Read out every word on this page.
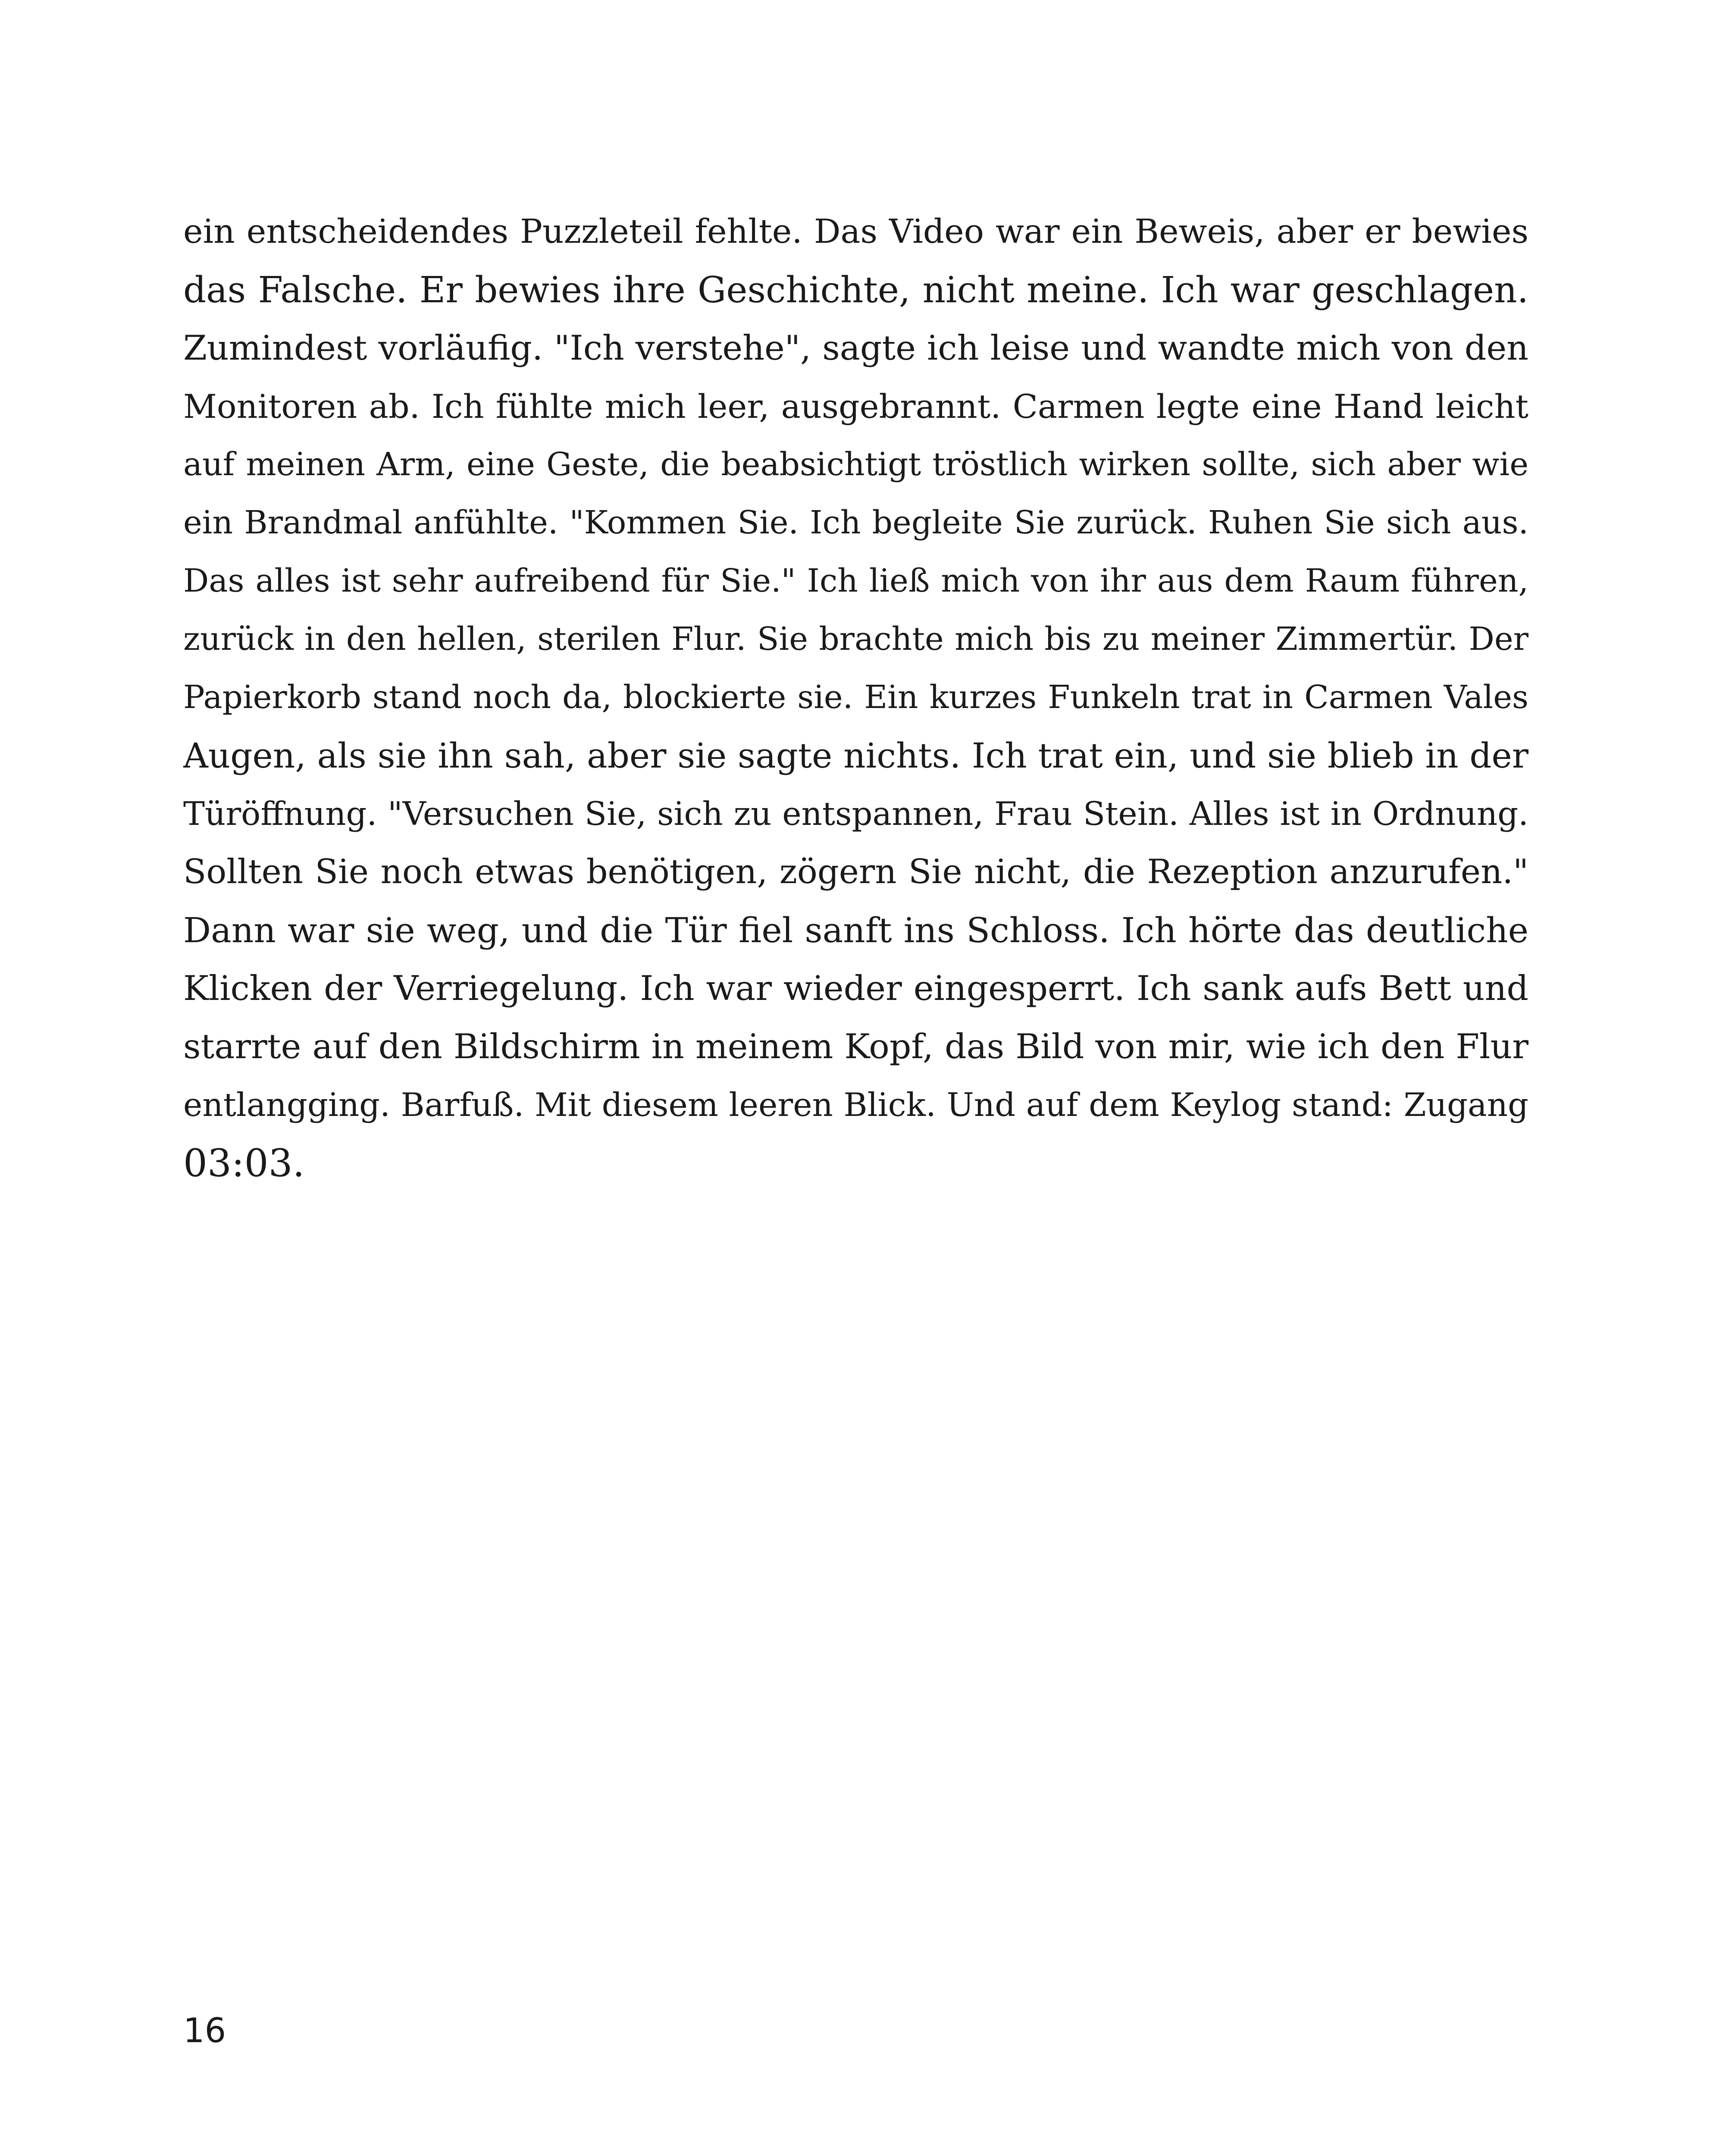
ein entscheidendes Puzzleteil fehlte. Das Video war ein Beweis, aber er bewies
das Falsche. Er bewies ihre Geschichte, nicht meine. Ich war geschlagen.
Zumindest vorläufig. "Ich verstehe", sagte ich leise und wandte mich von den
Monitoren ab. Ich fühlte mich leer, ausgebrannt. Carmen legte eine Hand leicht
auf meinen Arm, eine Geste, die beabsichtigt tröstlich wirken sollte, sich aber wie
ein Brandmal anfühlte. "Kommen Sie. Ich begleite Sie zurück. Ruhen Sie sich aus.
Das alles ist sehr aufreibend für Sie." Ich ließ mich von ihr aus dem Raum führen,
zurück in den hellen, sterilen Flur. Sie brachte mich bis zu meiner Zimmertür. Der
Papierkorb stand noch da, blockierte sie. Ein kurzes Funkeln trat in Carmen Vales
Augen, als sie ihn sah, aber sie sagte nichts. Ich trat ein, und sie blieb in der
Türöffnung. "Versuchen Sie, sich zu entspannen, Frau Stein. Alles ist in Ordnung.
Sollten Sie noch etwas benötigen, zögern Sie nicht, die Rezeption anzurufen."
Dann war sie weg, und die Tür fiel sanft ins Schloss. Ich hörte das deutliche
Klicken der Verriegelung. Ich war wieder eingesperrt. Ich sank aufs Bett und
starrte auf den Bildschirm in meinem Kopf, das Bild von mir, wie ich den Flur
entlangging. Barfuß. Mit diesem leeren Blick. Und auf dem Keylog stand: Zugang
03:03.
16
